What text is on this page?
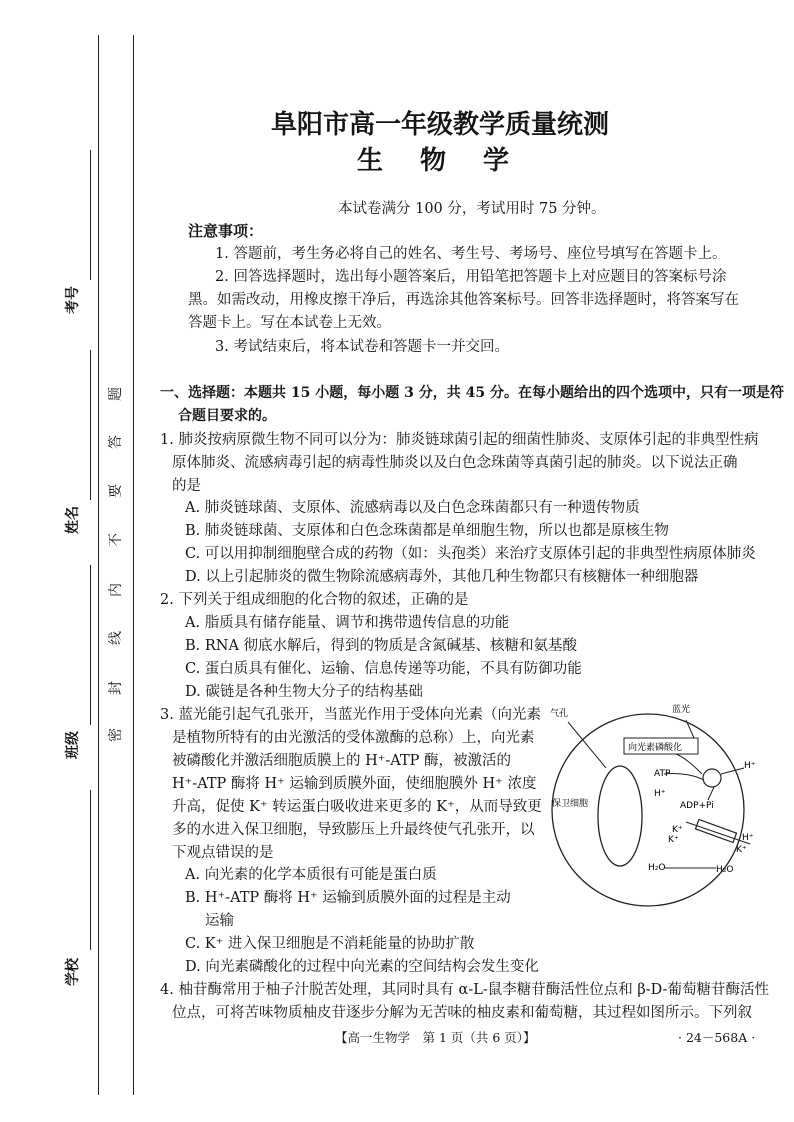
考号
姓名
班级
学校
题
答
要
不
内
线
封
密
阜阳市高一年级教学质量统测
生 物 学
本试卷满分 100 分，考试用时 75 分钟。
注意事项：
1. 答题前，考生务必将自己的姓名、考生号、考场号、座位号填写在答题卡上。
2. 回答选择题时，选出每小题答案后，用铅笔把答题卡上对应题目的答案标号涂
黑。如需改动，用橡皮擦干净后，再选涂其他答案标号。回答非选择题时，将答案写在
答题卡上。写在本试卷上无效。
3. 考试结束后，将本试卷和答题卡一并交回。
一、选择题：本题共 15 小题，每小题 3 分，共 45 分。在每小题给出的四个选项中，只有一项是符
合题目要求的。
1. 肺炎按病原微生物不同可以分为：肺炎链球菌引起的细菌性肺炎、支原体引起的非典型性病
原体肺炎、流感病毒引起的病毒性肺炎以及白色念珠菌等真菌引起的肺炎。以下说法正确
的是
A. 肺炎链球菌、支原体、流感病毒以及白色念珠菌都只有一种遗传物质
B. 肺炎链球菌、支原体和白色念珠菌都是单细胞生物，所以也都是原核生物
C. 可以用抑制细胞壁合成的药物（如：头孢类）来治疗支原体引起的非典型性病原体肺炎
D. 以上引起肺炎的微生物除流感病毒外，其他几种生物都只有核糖体一种细胞器
2. 下列关于组成细胞的化合物的叙述，正确的是
A. 脂质具有储存能量、调节和携带遗传信息的功能
B. RNA 彻底水解后，得到的物质是含氮碱基、核糖和氨基酸
C. 蛋白质具有催化、运输、信息传递等功能，不具有防御功能
D. 碳链是各种生物大分子的结构基础
3. 蓝光能引起气孔张开，当蓝光作用于受体向光素（向光素
是植物所特有的由光激活的受体激酶的总称）上，向光素
被磷酸化并激活细胞质膜上的 H⁺-ATP 酶，被激活的
H⁺-ATP 酶将 H⁺ 运输到质膜外面，使细胞膜外 H⁺ 浓度
升高，促使 K⁺ 转运蛋白吸收进来更多的 K⁺，从而导致更
多的水进入保卫细胞，导致膨压上升最终使气孔张开，以
下观点错误的是
A. 向光素的化学本质很有可能是蛋白质
B. H⁺-ATP 酶将 H⁺ 运输到质膜外面的过程是主动
运输
C. K⁺ 进入保卫细胞是不消耗能量的协助扩散
D. 向光素磷酸化的过程中向光素的空间结构会发生变化
气孔	蓝光
向光素磷酸化
保卫细胞
ATP
H⁺
H⁺
ADP+Pi
K⁺
K⁺	H⁺
K⁺
H₂O	H₂O
4. 柚苷酶常用于柚子汁脱苦处理，其同时具有 α-L-鼠李糖苷酶活性位点和 β-D-葡萄糖苷酶活性
位点，可将苦味物质柚皮苷逐步分解为无苦味的柚皮素和葡萄糖，其过程如图所示。下列叙
【高一生物学　第 1 页（共 6 页）】	· 24－568A ·
